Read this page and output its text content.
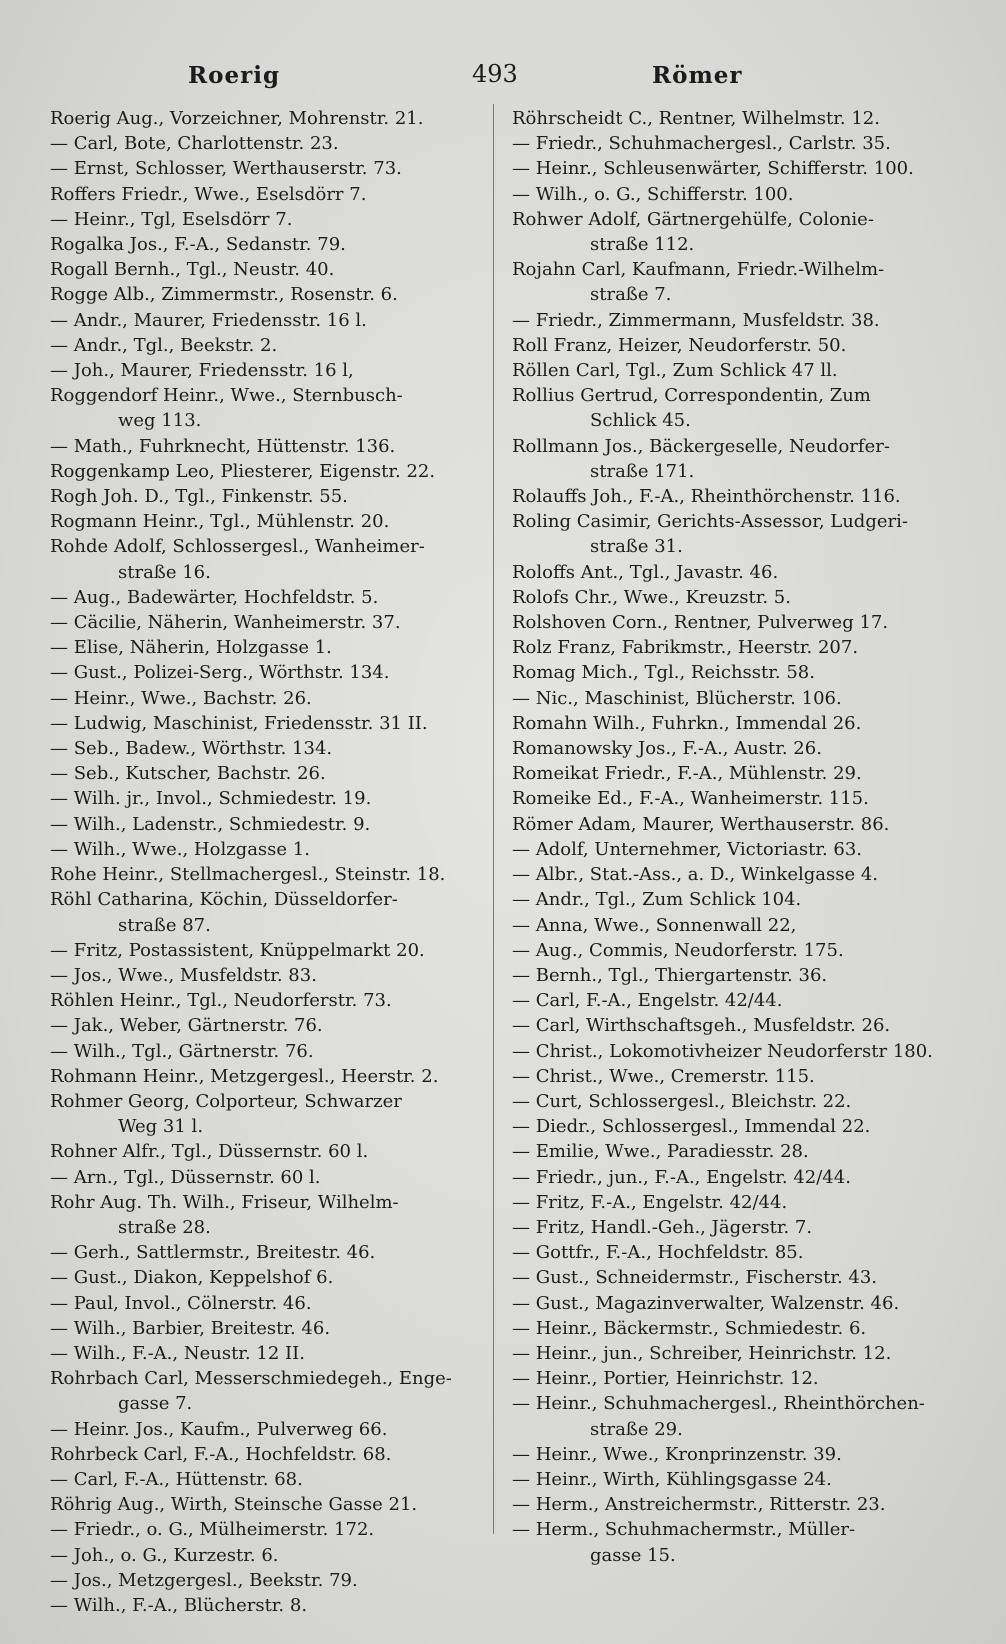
Roerig	493	Römer
Roerig Aug., Vorzeichner, Mohrenstr. 21.
— Carl, Bote, Charlottenstr. 23.
— Ernst, Schlosser, Werthauserstr. 73.
Roffers Friedr., Wwe., Eselsdörr 7.
— Heinr., Tgl, Eselsdörr 7.
Rogalka Jos., F.-A., Sedanstr. 79.
Rogall Bernh., Tgl., Neustr. 40.
Rogge Alb., Zimmermstr., Rosenstr. 6.
— Andr., Maurer, Friedensstr. 16 l.
— Andr., Tgl., Beekstr. 2.
— Joh., Maurer, Friedensstr. 16 l,
Roggendorf Heinr., Wwe., Sternbusch-
weg 113.
— Math., Fuhrknecht, Hüttenstr. 136.
Roggenkamp Leo, Pliesterer, Eigenstr. 22.
Rogh Joh. D., Tgl., Finkenstr. 55.
Rogmann Heinr., Tgl., Mühlenstr. 20.
Rohde Adolf, Schlossergesl., Wanheimer-
straße 16.
— Aug., Badewärter, Hochfeldstr. 5.
— Cäcilie, Näherin, Wanheimerstr. 37.
— Elise, Näherin, Holzgasse 1.
— Gust., Polizei-Serg., Wörthstr. 134.
— Heinr., Wwe., Bachstr. 26.
— Ludwig, Maschinist, Friedensstr. 31 II.
— Seb., Badew., Wörthstr. 134.
— Seb., Kutscher, Bachstr. 26.
— Wilh. jr., Invol., Schmiedestr. 19.
— Wilh., Ladenstr., Schmiedestr. 9.
— Wilh., Wwe., Holzgasse 1.
Rohe Heinr., Stellmachergesl., Steinstr. 18.
Röhl Catharina, Köchin, Düsseldorfer-
straße 87.
— Fritz, Postassistent, Knüppelmarkt 20.
— Jos., Wwe., Musfeldstr. 83.
Röhlen Heinr., Tgl., Neudorferstr. 73.
— Jak., Weber, Gärtnerstr. 76.
— Wilh., Tgl., Gärtnerstr. 76.
Rohmann Heinr., Metzgergesl., Heerstr. 2.
Rohmer Georg, Colporteur, Schwarzer
Weg 31 l.
Rohner Alfr., Tgl., Düssernstr. 60 l.
— Arn., Tgl., Düssernstr. 60 l.
Rohr Aug. Th. Wilh., Friseur, Wilhelm-
straße 28.
— Gerh., Sattlermstr., Breitestr. 46.
— Gust., Diakon, Keppelshof 6.
— Paul, Invol., Cölnerstr. 46.
— Wilh., Barbier, Breitestr. 46.
— Wilh., F.-A., Neustr. 12 II.
Rohrbach Carl, Messerschmiedegeh., Enge-
gasse 7.
— Heinr. Jos., Kaufm., Pulverweg 66.
Rohrbeck Carl, F.-A., Hochfeldstr. 68.
— Carl, F.-A., Hüttenstr. 68.
Röhrig Aug., Wirth, Steinsche Gasse 21.
— Friedr., o. G., Mülheimerstr. 172.
— Joh., o. G., Kurzestr. 6.
— Jos., Metzgergesl., Beekstr. 79.
— Wilh., F.-A., Blücherstr. 8.
Röhrscheidt C., Rentner, Wilhelmstr. 12.
— Friedr., Schuhmachergesl., Carlstr. 35.
— Heinr., Schleusenwärter, Schifferstr. 100.
— Wilh., o. G., Schifferstr. 100.
Rohwer Adolf, Gärtnergehülfe, Colonie-
straße 112.
Rojahn Carl, Kaufmann, Friedr.-Wilhelm-
straße 7.
— Friedr., Zimmermann, Musfeldstr. 38.
Roll Franz, Heizer, Neudorferstr. 50.
Röllen Carl, Tgl., Zum Schlick 47 ll.
Rollius Gertrud, Correspondentin, Zum
Schlick 45.
Rollmann Jos., Bäckergeselle, Neudorfer-
straße 171.
Rolauffs Joh., F.-A., Rheinthörchenstr. 116.
Roling Casimir, Gerichts-Assessor, Ludgeri-
straße 31.
Roloffs Ant., Tgl., Javastr. 46.
Rolofs Chr., Wwe., Kreuzstr. 5.
Rolshoven Corn., Rentner, Pulverweg 17.
Rolz Franz, Fabrikmstr., Heerstr. 207.
Romag Mich., Tgl., Reichsstr. 58.
— Nic., Maschinist, Blücherstr. 106.
Romahn Wilh., Fuhrkn., Immendal 26.
Romanowsky Jos., F.-A., Austr. 26.
Romeikat Friedr., F.-A., Mühlenstr. 29.
Romeike Ed., F.-A., Wanheimerstr. 115.
Römer Adam, Maurer, Werthauserstr. 86.
— Adolf, Unternehmer, Victoriastr. 63.
— Albr., Stat.-Ass., a. D., Winkelgasse 4.
— Andr., Tgl., Zum Schlick 104.
— Anna, Wwe., Sonnenwall 22,
— Aug., Commis, Neudorferstr. 175.
— Bernh., Tgl., Thiergartenstr. 36.
— Carl, F.-A., Engelstr. 42/44.
— Carl, Wirthschaftsgeh., Musfeldstr. 26.
— Christ., Lokomotivheizer Neudorferstr 180.
— Christ., Wwe., Cremerstr. 115.
— Curt, Schlossergesl., Bleichstr. 22.
— Diedr., Schlossergesl., Immendal 22.
— Emilie, Wwe., Paradiesstr. 28.
— Friedr., jun., F.-A., Engelstr. 42/44.
— Fritz, F.-A., Engelstr. 42/44.
— Fritz, Handl.-Geh., Jägerstr. 7.
— Gottfr., F.-A., Hochfeldstr. 85.
— Gust., Schneidermstr., Fischerstr. 43.
— Gust., Magazinverwalter, Walzenstr. 46.
— Heinr., Bäckermstr., Schmiedestr. 6.
— Heinr., jun., Schreiber, Heinrichstr. 12.
— Heinr., Portier, Heinrichstr. 12.
— Heinr., Schuhmachergesl., Rheinthörchen-
straße 29.
— Heinr., Wwe., Kronprinzenstr. 39.
— Heinr., Wirth, Kühlingsgasse 24.
— Herm., Anstreichermstr., Ritterstr. 23.
— Herm., Schuhmachermstr., Müller-
gasse 15.
